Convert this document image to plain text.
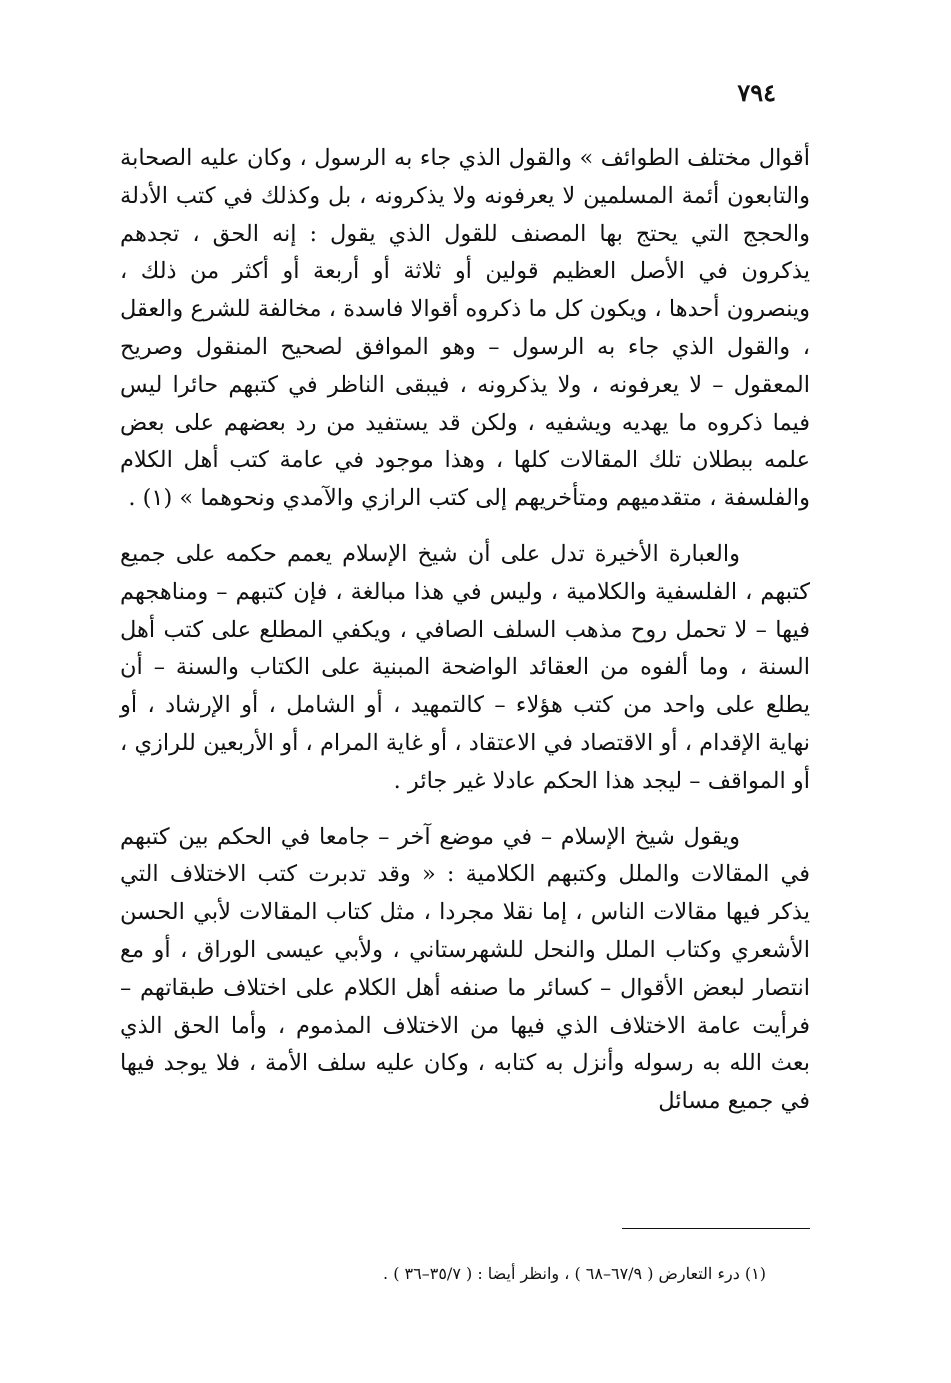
٧٩٤

أقوال مختلف الطوائف » والقول الذي جاء به الرسول ، وكان عليه الصحابة والتابعون أئمة المسلمين لا يعرفونه ولا يذكرونه ، بل وكذلك في كتب الأدلة والحجج التي يحتج بها المصنف للقول الذي يقول : إنه الحق ، تجدهم يذكرون في الأصل العظيم قولين أو ثلاثة أو أربعة أو أكثر من ذلك ، وينصرون أحدها ، ويكون كل ما ذكروه أقوالا فاسدة ، مخالفة للشرع والعقل ، والقول الذي جاء به الرسول – وهو الموافق لصحيح المنقول وصريح المعقول – لا يعرفونه ، ولا يذكرونه ، فيبقى الناظر في كتبهم حائرا ليس فيما ذكروه ما يهديه ويشفيه ، ولكن قد يستفيد من رد بعضهم على بعض علمه ببطلان تلك المقالات كلها ، وهذا موجود في عامة كتب أهل الكلام والفلسفة ، متقدميهم ومتأخريهم إلى كتب الرازي والآمدي ونحوهما » (١) .

والعبارة الأخيرة تدل على أن شيخ الإسلام يعمم حكمه على جميع كتبهم ، الفلسفية والكلامية ، وليس في هذا مبالغة ، فإن كتبهم – ومناهجهم فيها – لا تحمل روح مذهب السلف الصافي ، ويكفي المطلع على كتب أهل السنة ، وما ألفوه من العقائد الواضحة المبنية على الكتاب والسنة – أن يطلع على واحد من كتب هؤلاء – كالتمهيد ، أو الشامل ، أو الإرشاد ، أو نهاية الإقدام ، أو الاقتصاد في الاعتقاد ، أو غاية المرام ، أو الأربعين للرازي ، أو المواقف – ليجد هذا الحكم عادلا غير جائر .

ويقول شيخ الإسلام – في موضع آخر – جامعا في الحكم بين كتبهم في المقالات والملل وكتبهم الكلامية : « وقد تدبرت كتب الاختلاف التي يذكر فيها مقالات الناس ، إما نقلا مجردا ، مثل كتاب المقالات لأبي الحسن الأشعري وكتاب الملل والنحل للشهرستاني ، ولأبي عيسى الوراق ، أو مع انتصار لبعض الأقوال – كسائر ما صنفه أهل الكلام على اختلاف طبقاتهم – فرأيت عامة الاختلاف الذي فيها من الاختلاف المذموم ، وأما الحق الذي بعث الله به رسوله وأنزل به كتابه ، وكان عليه سلف الأمة ، فلا يوجد فيها في جميع مسائل

(١) درء التعارض ( ٦٧/٩–٦٨ ) ، وانظر أيضا : ( ٣٥/٧–٣٦ ) .
